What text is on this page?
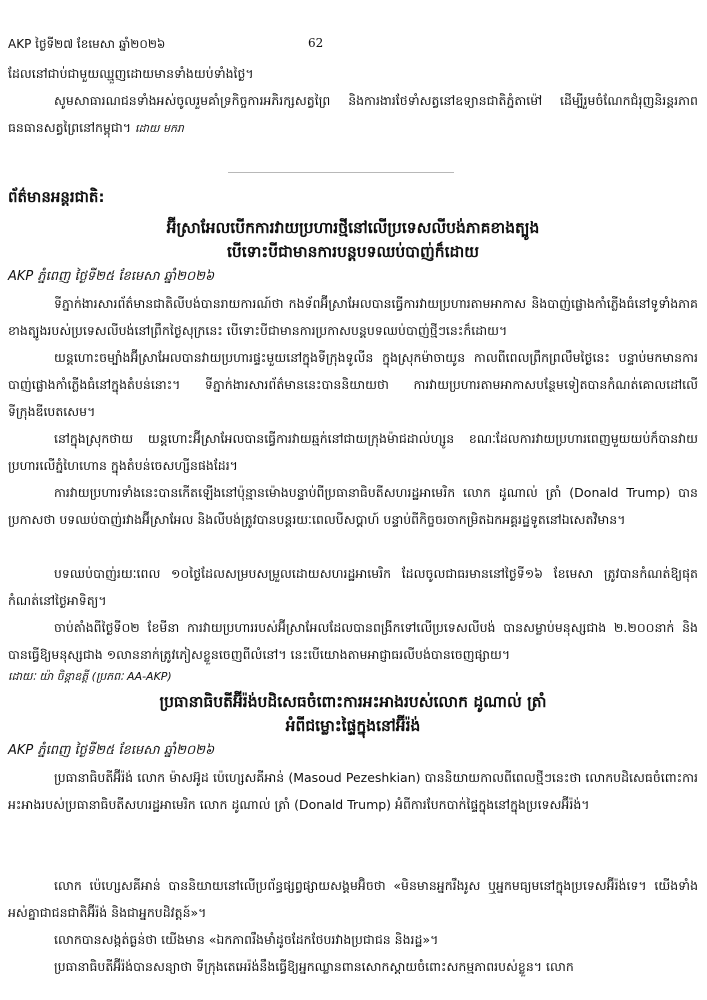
AKP ថ្ងៃទី២៧ ខែមេសា ឆ្នាំ២០២៦	62

ដែលនៅជាប់ជាមួយឈ្មួញដោយមានទាំងយប់ទាំងថ្ងៃ។

សូមសាធារណជនទាំងអស់ចូលរួមគាំទ្រកិច្ចការអភិរក្សសត្វព្រៃ និងការងារថែទាំសត្វនៅឧទ្យានជាតិភ្នំតាម៉ៅ ដើម្បីរួមចំណែកជំរុញនិរន្តរភាពធនធានសត្វព្រៃនៅកម្ពុជា។ ដោយ មករា

ព័ត៌មានអន្តរជាតិ:

អ៊ីស្រាអែលបើកការវាយប្រហារថ្មីនៅលើប្រទេសលីបង់ភាគខាងត្បូង

បើទោះបីជាមានការបន្តបទឈប់បាញ់ក៏ដោយ

AKP ភ្នំពេញ ថ្ងៃទី២៥ ខែមេសា ឆ្នាំ២០២៦

ទីភ្នាក់ងារសារព័ត៌មានជាតិលីបង់បានរាយការណ៍ថា កងទ័ពអ៊ីស្រាអែលបានធ្វើការវាយប្រហារតាមអាកាស និងបាញ់ផ្លោងកាំភ្លើងធំនៅទូទាំងភាគខាងត្បូងរបស់ប្រទេសលីបង់នៅព្រឹកថ្ងៃសុក្រនេះ បើទោះបីជាមានការប្រកាសបន្តបទឈប់បាញ់ថ្មីៗនេះក៏ដោយ។

យន្តហោះចម្បាំងអ៊ីស្រាអែលបានវាយប្រហារផ្ទះមួយនៅក្នុងទីក្រុងទូលីន ក្នុងស្រុកម៉ាចាយូន កាលពីពេលព្រឹកព្រលឹមថ្ងៃនេះ បន្ទាប់មកមានការបាញ់ផ្លោងកាំភ្លើងធំនៅក្នុងតំបន់នោះ។ ទីភ្នាក់ងារសារព័ត៌មាននេះបាននិយាយថា ការវាយប្រហារតាមអាកាសបន្ថែមទៀតបានកំណត់គោលដៅលើទីក្រុងឌីបេតសេម។

នៅក្នុងស្រុកថាយ យន្តហោះអ៊ីស្រាអែលបានធ្វើការវាយឆ្មក់នៅជាយក្រុងម៉ាជដាល់ហ្សូន ខណៈដែលការវាយប្រហារពេញមួយយប់ក៏បានវាយប្រហារលើភ្នំហៃហោន ក្នុងតំបន់ចេសហ្សីនផងដែរ។

ការវាយប្រហារទាំងនេះបានកើតឡើងនៅប៉ុន្មានម៉ោងបន្ទាប់ពីប្រធានាធិបតីសហរដ្ឋអាមេរិក លោក ដូណាល់ ត្រាំ (Donald Trump) បានប្រកាសថា បទឈប់បាញ់រវាងអ៊ីស្រាអែល និងលីបង់ត្រូវបានបន្តរយៈពេលបីសប្តាហ៍ បន្ទាប់ពីកិច្ចចរចាកម្រិតឯកអគ្គរដ្ឋទូតនៅឯសេតវិមាន។

បទឈប់បាញ់រយៈពេល ១០ថ្ងៃដែលសម្របសម្រួលដោយសហរដ្ឋអាមេរិក ដែលចូលជាធរមាននៅថ្ងៃទី១៦ ខែមេសា ត្រូវបានកំណត់ឱ្យផុតកំណត់នៅថ្ងៃអាទិត្យ។

ចាប់តាំងពីថ្ងៃទី០២ ខែមីនា ការវាយប្រហាររបស់អ៊ីស្រាអែលដែលបានពង្រីកទៅលើប្រទេសលីបង់ បានសម្លាប់មនុស្សជាង ២.២០០នាក់ និងបានធ្វើឱ្យមនុស្សជាង ១លាននាក់ត្រូវភៀសខ្លួនចេញពីលំនៅ។ នេះបើយោងតាមអាជ្ញាធរលីបង់បានចេញផ្សាយ។

ដោយៈ យ៉ា ចិន្តាឧត្តី (ប្រភពៈ AA-AKP)

ប្រធានាធិបតីអ៊ីរ៉ង់បដិសេធចំពោះការអះអាងរបស់លោក ដូណាល់ ត្រាំ

អំពីជម្លោះផ្ទៃក្នុងនៅអ៊ីរ៉ង់

AKP ភ្នំពេញ ថ្ងៃទី២៥ ខែមេសា ឆ្នាំ២០២៦

ប្រធានាធិបតីអ៊ីរ៉ង់ លោក ម៉ាសអ៊ូដ ប៉េហ្សេសគីអាន់ (Masoud Pezeshkian) បាននិយាយកាលពីពេលថ្មីៗនេះថា លោកបដិសេធចំពោះការអះអាងរបស់ប្រធានាធិបតីសហរដ្ឋអាមេរិក លោក ដូណាល់ ត្រាំ (Donald Trump) អំពីការបែកបាក់ផ្ទៃក្នុងនៅក្នុងប្រទេសអ៊ីរ៉ង់។

លោក ប៉េហ្សេសគីអាន់ បាននិយាយនៅលើប្រព័ន្ធផ្សព្វផ្សាយសង្គមអ៊ិចថា «មិនមានអ្នករឹងរូស ឬអ្នកមធ្យមនៅក្នុងប្រទេសអ៊ីរ៉ង់ទេ។ យើងទាំងអស់គ្នាជាជនជាតិអ៊ីរ៉ង់ និងជាអ្នកបដិវត្តន៍»។

លោកបានសង្កត់ធ្ងន់ថា យើងមាន «ឯកភាពរឹងមាំដូចដែកថែបរវាងប្រជាជន និងរដ្ឋ»។

ប្រធានាធិបតីអ៊ីរ៉ង់បានសន្យាថា ទីក្រុងតេអេរ៉ង់នឹងធ្វើឱ្យអ្នកឈ្លានពានសោកស្តាយចំពោះសកម្មភាពរបស់ខ្លួន។ លោក
